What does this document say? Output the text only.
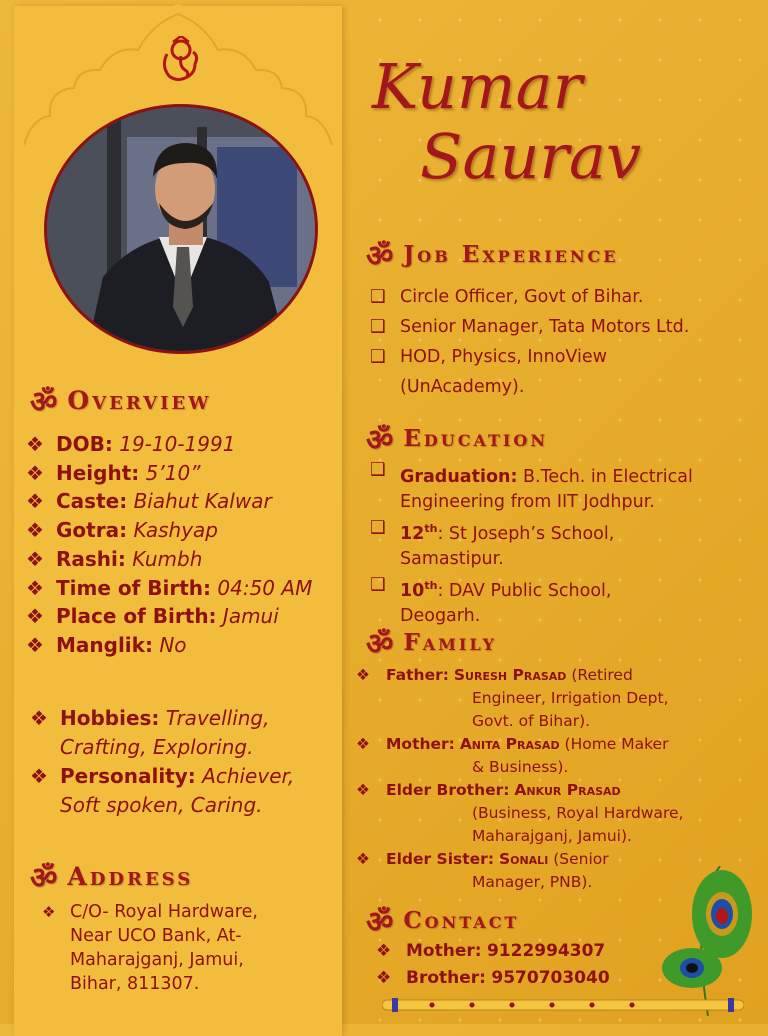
Kumar
Saurav
ॐ Overview
❖ DOB: 19-10-1991
❖ Height: 5’10”
❖ Caste: Biahut Kalwar
❖ Gotra: Kashyap
❖ Rashi: Kumbh
❖ Time of Birth: 04:50 AM
❖ Place of Birth: Jamui
❖ Manglik: No
❖ Hobbies: Travelling, Crafting, Exploring.
❖ Personality: Achiever, Soft spoken, Caring.
ॐ Address
❖ C/O- Royal Hardware,
Near UCO Bank, At-
Maharajganj, Jamui,
Bihar, 811307.
ॐ Job Experience
❑ Circle Officer, Govt of Bihar.
❑ Senior Manager, Tata Motors Ltd.
❑ HOD, Physics, InnoView (UnAcademy).
ॐ Education
❑ Graduation: B.Tech. in Electrical Engineering from IIT Jodhpur.
❑ 12th: St Joseph’s School, Samastipur.
❑ 10th: DAV Public School, Deogarh.
ॐ Family
❖ Father: Suresh Prasad (Retired
Engineer, Irrigation Dept,
Govt. of Bihar).
❖ Mother: Anita Prasad (Home Maker
& Business).
❖ Elder Brother: Ankur Prasad
(Business, Royal Hardware,
Maharajganj, Jamui).
❖ Elder Sister: Sonali (Senior
Manager, PNB).
ॐ Contact
❖ Mother:
9122994307
❖ Brother:
9570703040
